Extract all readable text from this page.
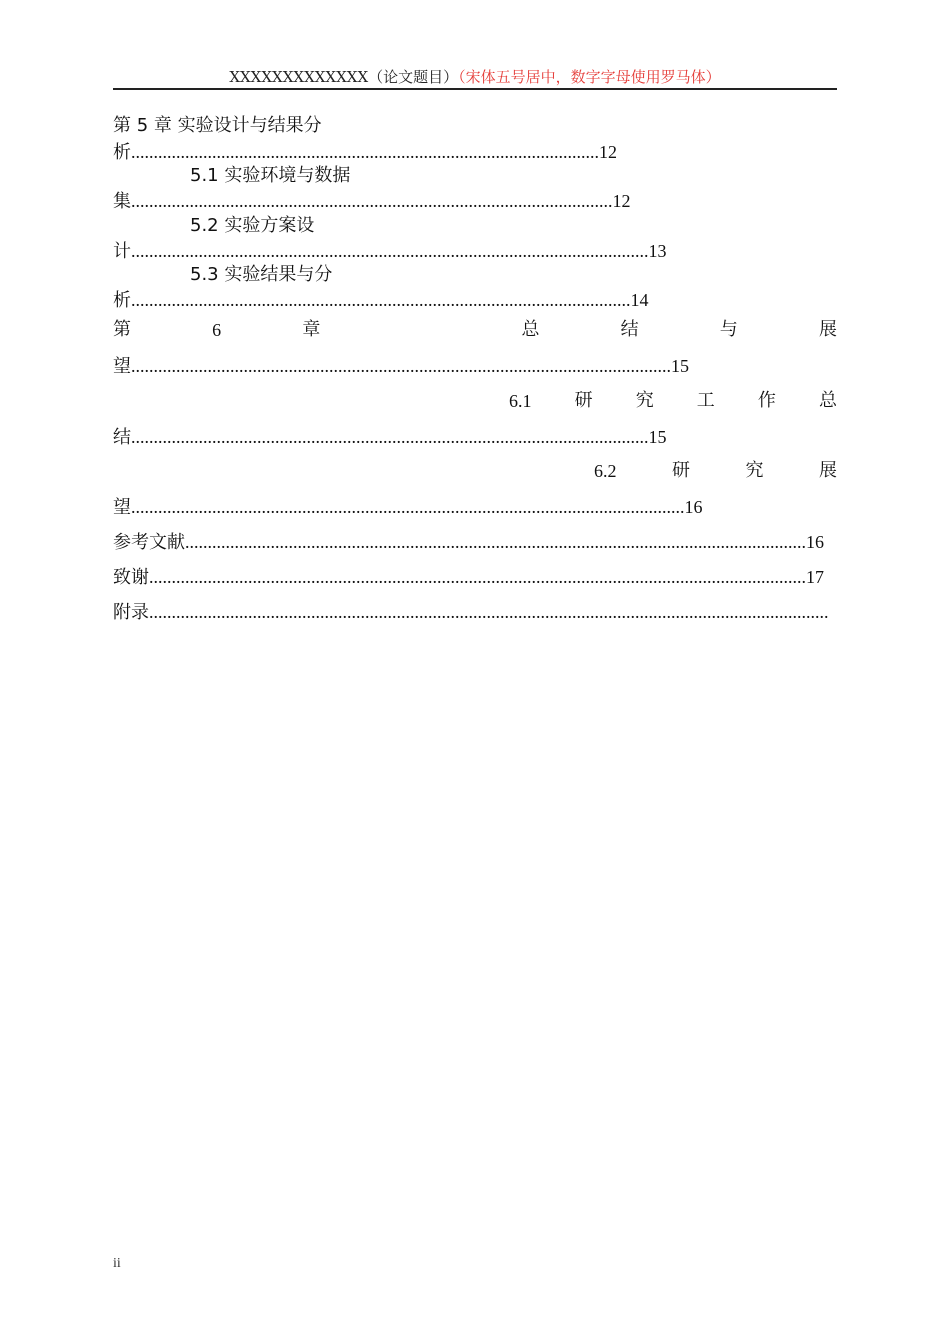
XXXXXXXXXXXXX（论文题目）（宋体五号居中，数字字母使用罗马体）
第 5 章 实验设计与结果分
析........................................................................................................12
5.1 实验环境与数据
集...........................................................................................................12
5.2 实验方案设
计...................................................................................................................13
5.3 实验结果与分
析...............................................................................................................14
第	6	章	总	结	与	展
望........................................................................................................................15
6.1 研 究 工 作 总
结...................................................................................................................15
6.2	研	究	展
望...........................................................................................................................16
参考文献..........................................................................................................................................16
致谢..................................................................................................................................................17
附录.......................................................................................................................................................
ii
